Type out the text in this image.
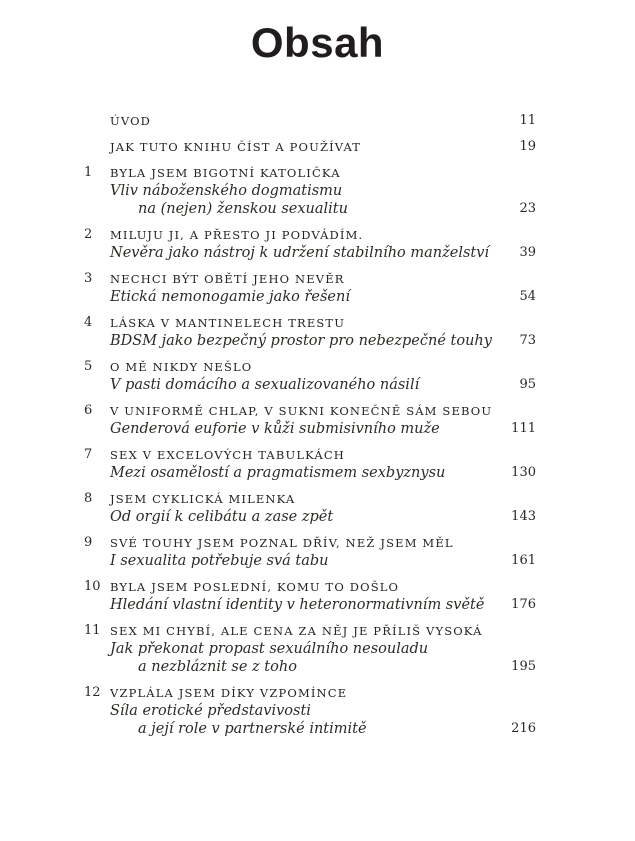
Obsah
ÚVOD	11
JAK TUTO KNIHU ČÍST A POUŽÍVAT	19
1	BYLA JSEM BIGOTNÍ KATOLIČKA
Vliv náboženského dogmatismu
na (nejen) ženskou sexualitu	23
2	MILUJU JI, A PŘESTO JI PODVÁDÍM.
Nevěra jako nástroj k udržení stabilního manželství	39
3	NECHCI BÝT OBĚTÍ JEHO NEVĚR
Etická nemonogamie jako řešení	54
4	LÁSKA V MANTINELECH TRESTU
BDSM jako bezpečný prostor pro nebezpečné touhy	73
5	O MĚ NIKDY NEŠLO
V pasti domácího a sexualizovaného násilí	95
6	V UNIFORMĚ CHLAP, V SUKNI KONEČNĚ SÁM SEBOU
Genderová euforie v kůži submisivního muže	111
7	SEX V EXCELOVÝCH TABULKÁCH
Mezi osamělostí a pragmatismem sexbyznysu	130
8	JSEM CYKLICKÁ MILENKA
Od orgií k celibátu a zase zpět	143
9	SVÉ TOUHY JSEM POZNAL DŘÍV, NEŽ JSEM MĚL
I sexualita potřebuje svá tabu	161
10 BYLA JSEM POSLEDNÍ, KOMU TO DOŠLO
Hledání vlastní identity v heteronormativním světě	176
11 SEX MI CHYBÍ, ALE CENA ZA NĚJ JE PŘÍLIŠ VYSOKÁ
Jak překonat propast sexuálního nesouladu
a nezbláznit se z toho	195
12 VZPLÁLA JSEM DÍKY VZPOMÍNCE
Síla erotické představivosti
a její role v partnerské intimitě	216
